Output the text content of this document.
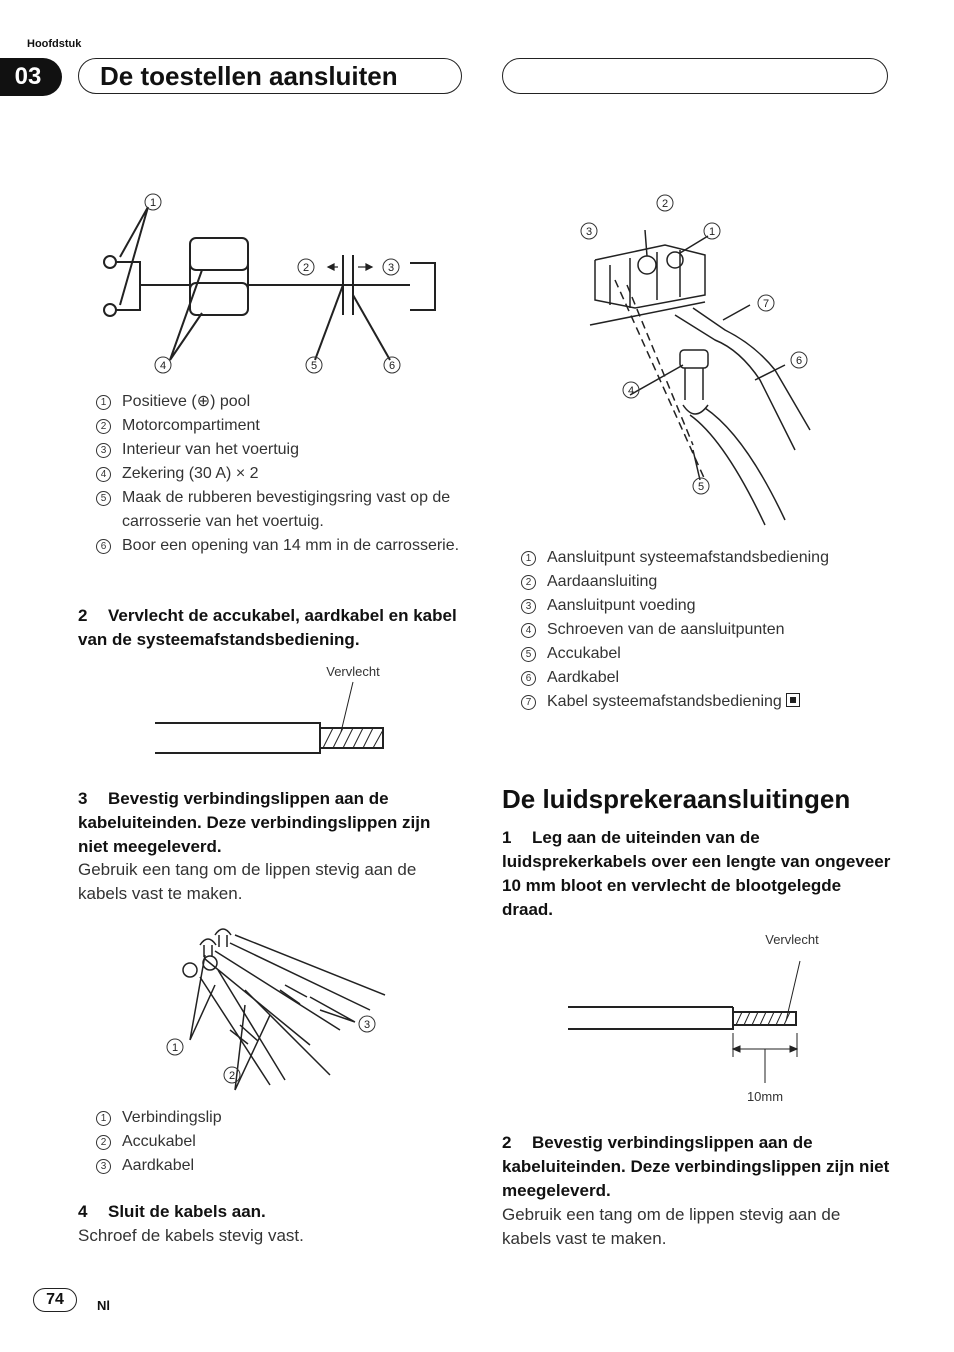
Hoofdstuk
03	De toestellen aansluiten
1
2	3
4	5	6
1 Positieve (⊕) pool
2 Motorcompartiment
3 Interieur van het voertuig
4 Zekering (30 A) × 2
5 Maak de rubberen bevestigingsring vast op de carrosserie van het voertuig.
6 Boor een opening van 14 mm in de carrosserie.
2 Vervlecht de accukabel, aardkabel en kabel van de systeemafstandsbediening.
Vervlecht
3 Bevestig verbindingslippen aan de kabeluiteinden. Deze verbindingslippen zijn niet meegeleverd.
Gebruik een tang om de lippen stevig aan de kabels vast te maken.
1
2
3
1 Verbindingslip
2 Accukabel
3 Aardkabel
4 Sluit de kabels aan.
Schroef de kabels stevig vast.
1
2
3
4
5
6
7
1 Aansluitpunt systeemafstandsbediening
2 Aardaansluiting
3 Aansluitpunt voeding
4 Schroeven van de aansluitpunten
5 Accukabel
6 Aardkabel
7 Kabel systeemafstandsbediening
De luidsprekeraansluitingen
1 Leg aan de uiteinden van de luidsprekerkabels over een lengte van ongeveer 10 mm bloot en vervlecht de blootgelegde draad.
Vervlecht
10mm
2 Bevestig verbindingslippen aan de kabeluiteinden. Deze verbindingslippen zijn niet meegeleverd.
Gebruik een tang om de lippen stevig aan de kabels vast te maken.
74	Nl
